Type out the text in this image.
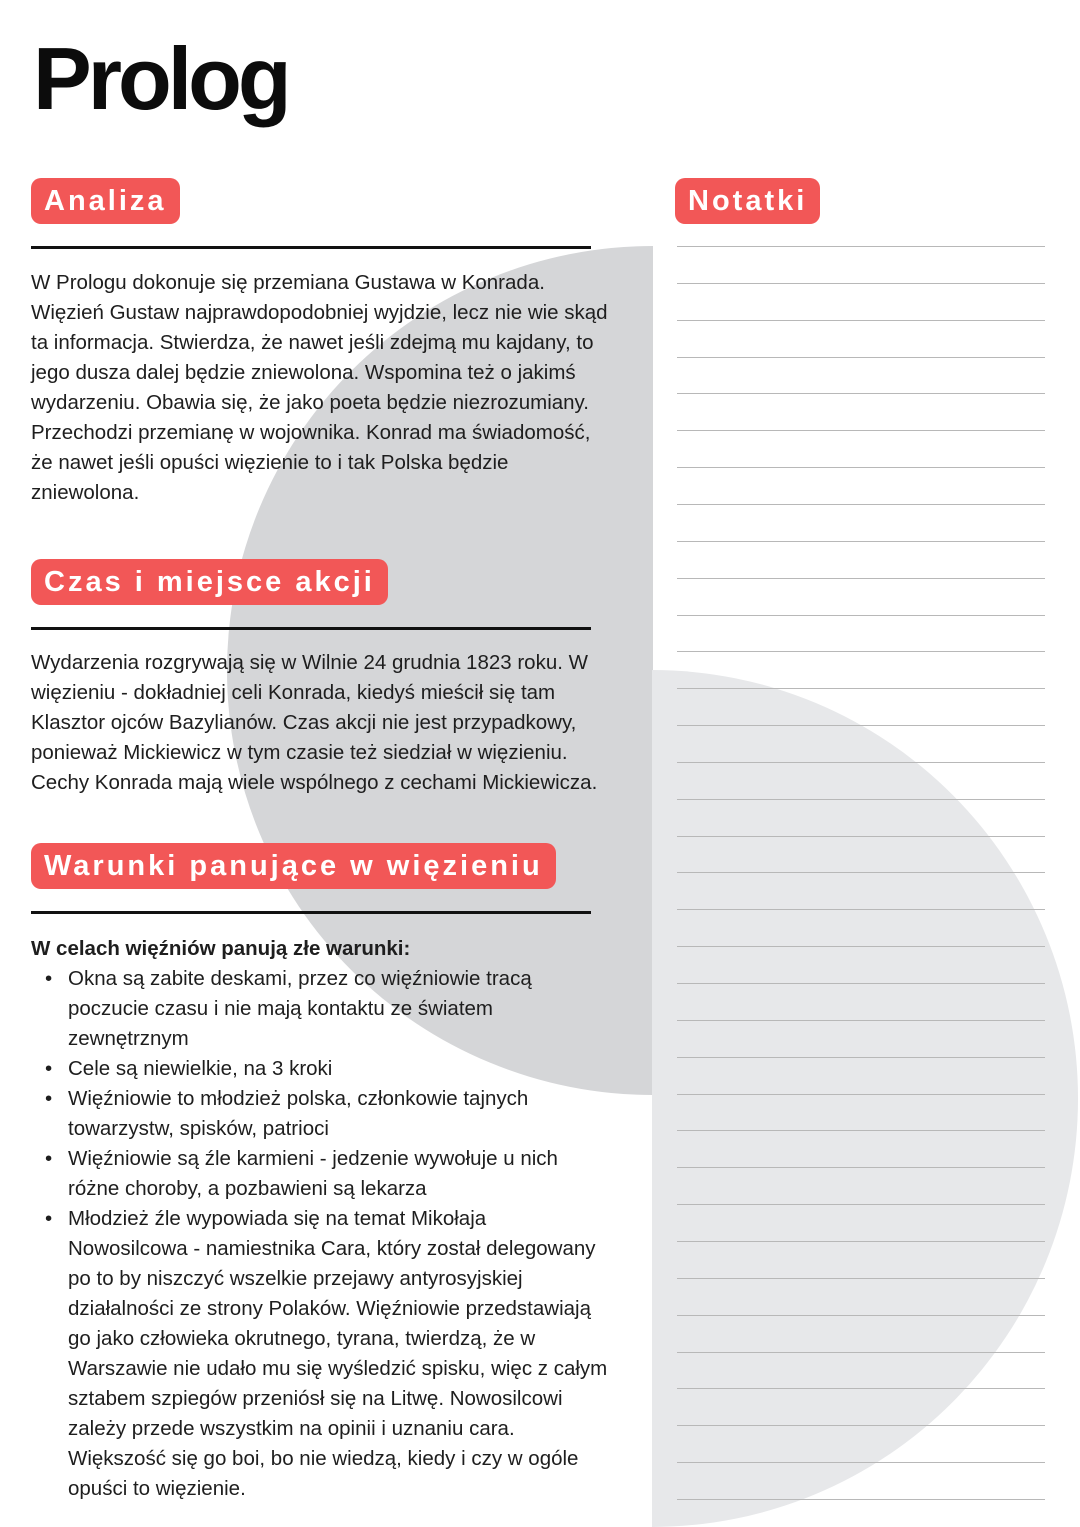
Prolog
Analiza

W Prologu dokonuje się przemiana Gustawa w Konrada.
Więzień Gustaw najprawdopodobniej wyjdzie, lecz nie wie skąd
ta informacja. Stwierdza, że nawet jeśli zdejmą mu kajdany, to
jego dusza dalej będzie zniewolona. Wspomina też o jakimś
wydarzeniu. Obawia się, że jako poeta będzie niezrozumiany.
Przechodzi przemianę w wojownika. Konrad ma świadomość,
że nawet jeśli opuści więzienie to i tak Polska będzie
zniewolona.

Czas i miejsce akcji

Wydarzenia rozgrywają się w Wilnie 24 grudnia 1823 roku. W
więzieniu - dokładniej celi Konrada, kiedyś mieścił się tam
Klasztor ojców Bazylianów. Czas akcji nie jest przypadkowy,
ponieważ Mickiewicz w tym czasie też siedział w więzieniu.
Cechy Konrada mają wiele wspólnego z cechami Mickiewicza.

Warunki panujące w więzieniu

W celach więźniów panują złe warunki:

• Okna są zabite deskami, przez co więźniowie tracą
poczucie czasu i nie mają kontaktu ze światem
zewnętrznym
• Cele są niewielkie, na 3 kroki
• Więźniowie to młodzież polska, członkowie tajnych
towarzystw, spisków, patrioci
• Więźniowie są źle karmieni - jedzenie wywołuje u nich
różne choroby, a pozbawieni są lekarza
• Młodzież źle wypowiada się na temat Mikołaja
Nowosilcowa - namiestnika Cara, który został delegowany
po to by niszczyć wszelkie przejawy antyrosyjskiej
działalności ze strony Polaków. Więźniowie przedstawiają
go jako człowieka okrutnego, tyrana, twierdzą, że w
Warszawie nie udało mu się wyśledzić spisku, więc z całym
sztabem szpiegów przeniósł się na Litwę. Nowosilcowi
zależy przede wszystkim na opinii i uznaniu cara.
Większość się go boi, bo nie wiedzą, kiedy i czy w ogóle
opuści to więzienie.
Notatki
